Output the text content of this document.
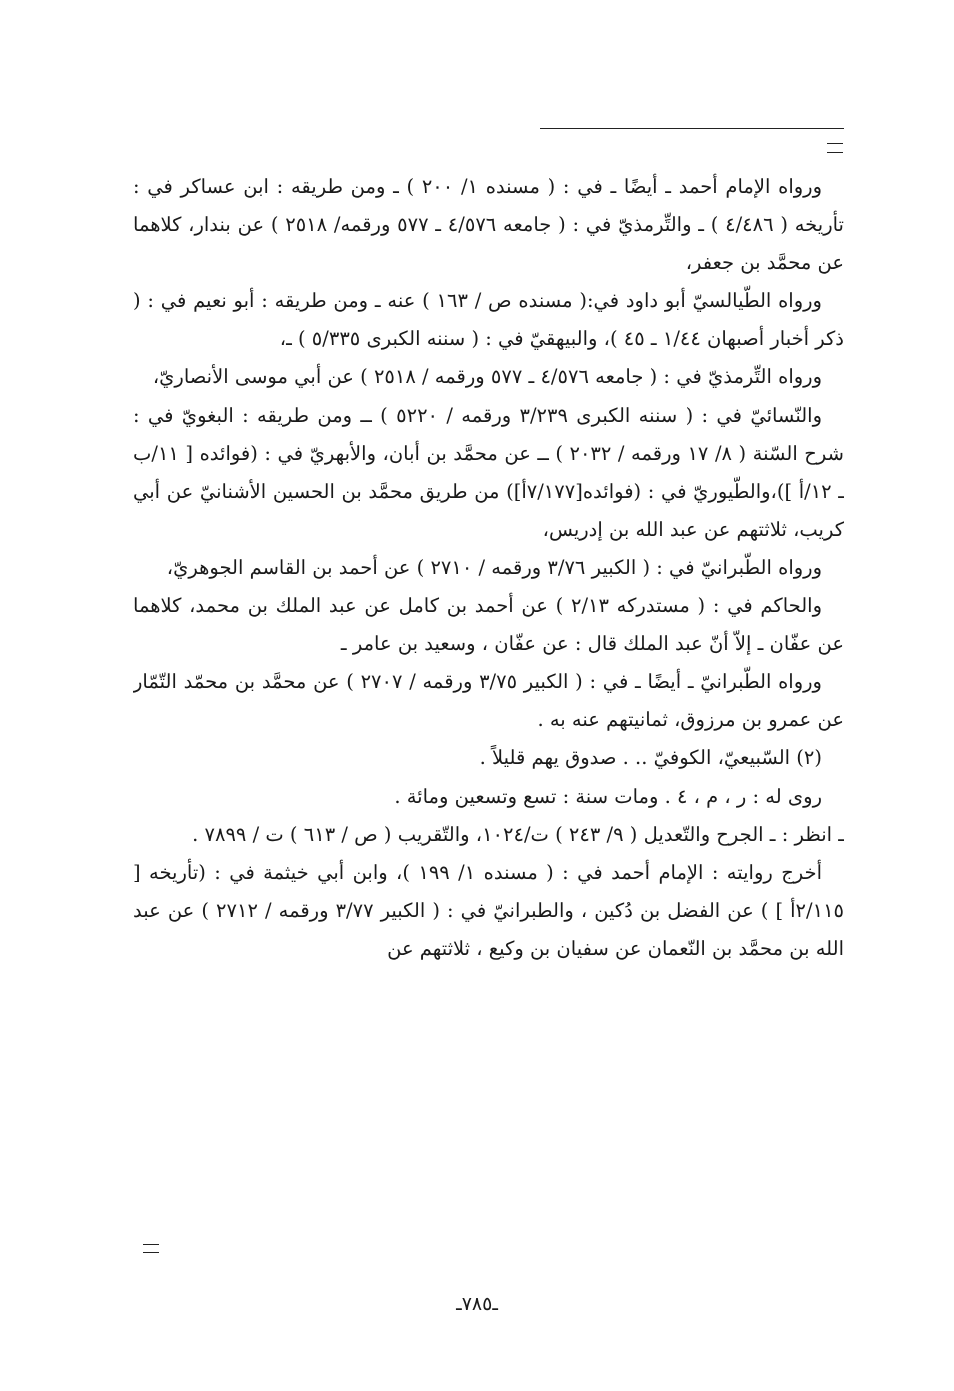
ورواه الإمام أحمد ـ أيضًا ـ في : ( مسنده ١/ ٢٠٠ ) ـ ومن طريقه : ابن عساكر في : تأريخه ( ٤/٤٨٦ ) ـ والتِّرمذيّ في : ( جامعه ٤/٥٧٦ ـ ٥٧٧ ورقمه/ ٢٥١٨ ) عن بندار، كلاهما عن محمَّد بن جعفر،

ورواه الطّيالسيّ أبو داود في:( مسنده ص / ١٦٣ ) عنه ـ ومن طريقه : أبو نعيم في : ( ذكر أخبار أصبهان ١/٤٤ ـ ٤٥ )، والبيهقيّ في : ( سننه الكبرى ٥/٣٣٥ ) ـ،

ورواه التِّرمذيّ في : ( جامعه ٤/٥٧٦ ـ ٥٧٧ ورقمه / ٢٥١٨ ) عن أبي موسى الأنصاريّ،

والنّسائيّ في : ( سننه الكبرى ٣/٢٣٩ ورقمه / ٥٢٢٠ ) ــ ومن طريقه : البغويّ في : شرح السّنة ( ٨/ ١٧ ورقمه / ٢٠٣٢ ) ــ عن محمَّد بن أبان، والأبهريّ في : (فوائده [ ١١/ب ـ ١٢/أ ])،والطّيوريّ في : (فوائده[٧/١٧٧أ]) من طريق محمَّد بن الحسين الأشنانيّ عن أبي كريب، ثلاثتهم عن عبد الله بن إدريس،

ورواه الطّبرانيّ في : ( الكبير ٣/٧٦ ورقمه / ٢٧١٠ ) عن أحمد بن القاسم الجوهريّ،

والحاكم في : ( مستدركه ٢/١٣ ) عن أحمد بن كامل عن عبد الملك بن محمد، كلاهما عن عفّان ـ إلاّ أنّ عبد الملك قال : عن عفّان ، وسعيد بن عامر ـ

ورواه الطّبرانيّ ـ أيضًا ـ في : ( الكبير ٣/٧٥ ورقمه / ٢٧٠٧ ) عن محمَّد بن محمّد التّمّار عن عمرو بن مرزوق، ثمانيتهم عنه به .

(٢) السّبيعيّ، الكوفيّ .. . صدوق يهم قليلاً .

روى له : ر ، م ، ٤ . ومات سنة : تسع وتسعين ومائة .

ـ انظر : ـ الجرح والتّعديل ( ٩/ ٢٤٣ ) ت/١٠٢٤، والتّقريب ( ص / ٦١٣ ) ت / ٧٨٩٩ .

أخرج روايته : الإمام أحمد في : ( مسنده ١/ ١٩٩ )، وابن أبي خيثمة في : (تأريخه [ ٢/١١٥أ ] ) عن الفضل بن دُكين ، والطبرانيّ في : ( الكبير ٣/٧٧ ورقمه / ٢٧١٢ ) عن عبد الله بن محمَّد بن النّعمان عن سفيان بن وكيع ، ثلاثتهم عن

ـ٧٨٥ـ
